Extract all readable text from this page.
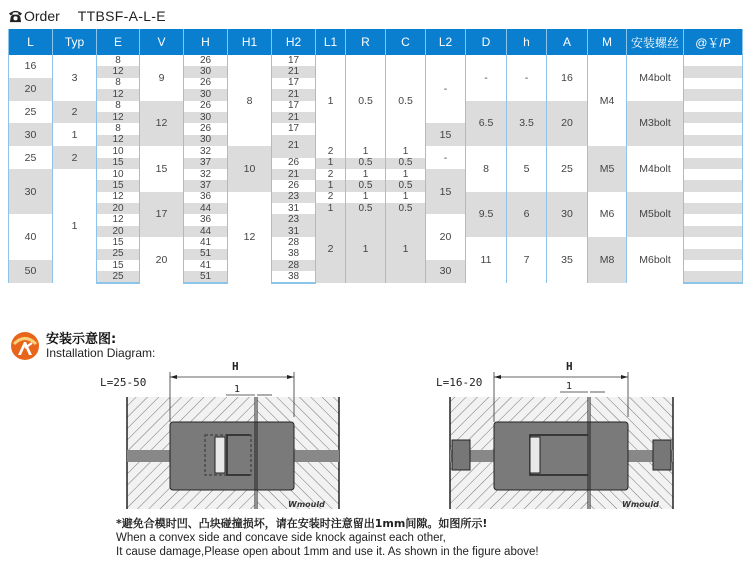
Order TTBSF-A-L-E
L	Typ	E	V	H	H1	H2	L1	R	C	L2	D	h	A	M	安装螺丝	@￥/P
16	3	8	9	26	8	17	1	0.5	0.5	-	-	-	16	M4	M4bolt	
		12		30		21										
20		8		26		17										
		12		30		21										
25	2	8	12	26		17					6.5	3.5	20		M3bolt	
		12		30		21										
30	1	8		26		17				15						
		12		30		21										
25	2	10	15	32	10		2	1	1	-	8	5	25	M5	M4bolt	
		15		37		26	1	0.5	0.5							
30	1	10		32		21	2	1	1	15						
		15		37		26	1	0.5	0.5							
		12	17	36	12	23	2	1	1		9.5	6	30	M6	M5bolt	
		20		44		31	1	0.5	0.5							
40		12		36		23	2	1	1	20						
		20		44		31										
		15	20	41		28					11	7	35	M8	M6bolt	
		25		51		38										
50		15		41		28				30						
		25		51		38										
安装示意图:
Installation Diagram:
L=25-50
H
1
Wmould
L=16-20
H
1
Wmould
*避免合模时凹、凸块碰撞损坏，请在安装时注意留出1mm间隙。如图所示!
When a convex side and concave side knock against each other,
It cause damage,Please open about 1mm and use it. As shown in the figure above!
